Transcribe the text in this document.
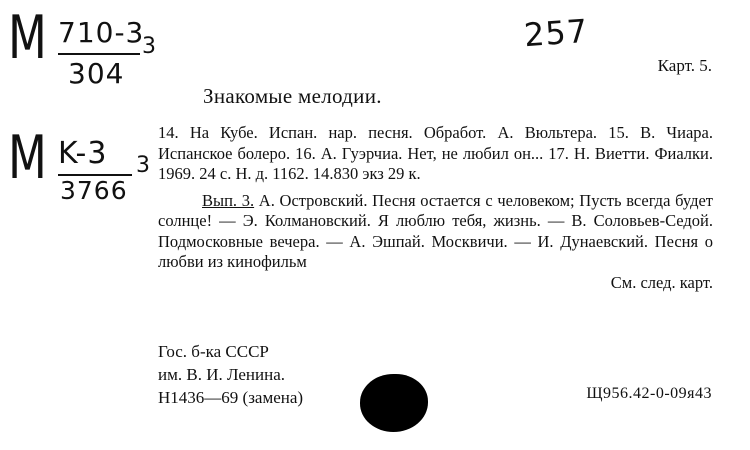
M 710-3
304
3	257
M K-3
3766
3
Карт. 5.
Знакомые мелодии.

14. На Кубе. Испан. нар. песня. Обработ. А. Вюльтера. 15. В. Чиара. Испанское болеро. 16. А. Гуэрчиа. Нет, не любил он... 17. Н. Виетти. Фиалки. 1969. 24 с. Н. д. 1162. 14.830 экз 29 к.

Вып. 3. А. Островский. Песня остается с человеком; Пусть всегда будет солнце! — Э. Колмановский. Я люблю тебя, жизнь. — В. Соловьев-Седой. Подмосковные вечера. — А. Эшпай. Москвичи. — И. Дунаевский. Песня о любви из кинофильм

См. след. карт.

Гос. б-ка СССР
им. В. И. Ленина.
Н1436—69 (замена)	Щ956.42-0-09я43
